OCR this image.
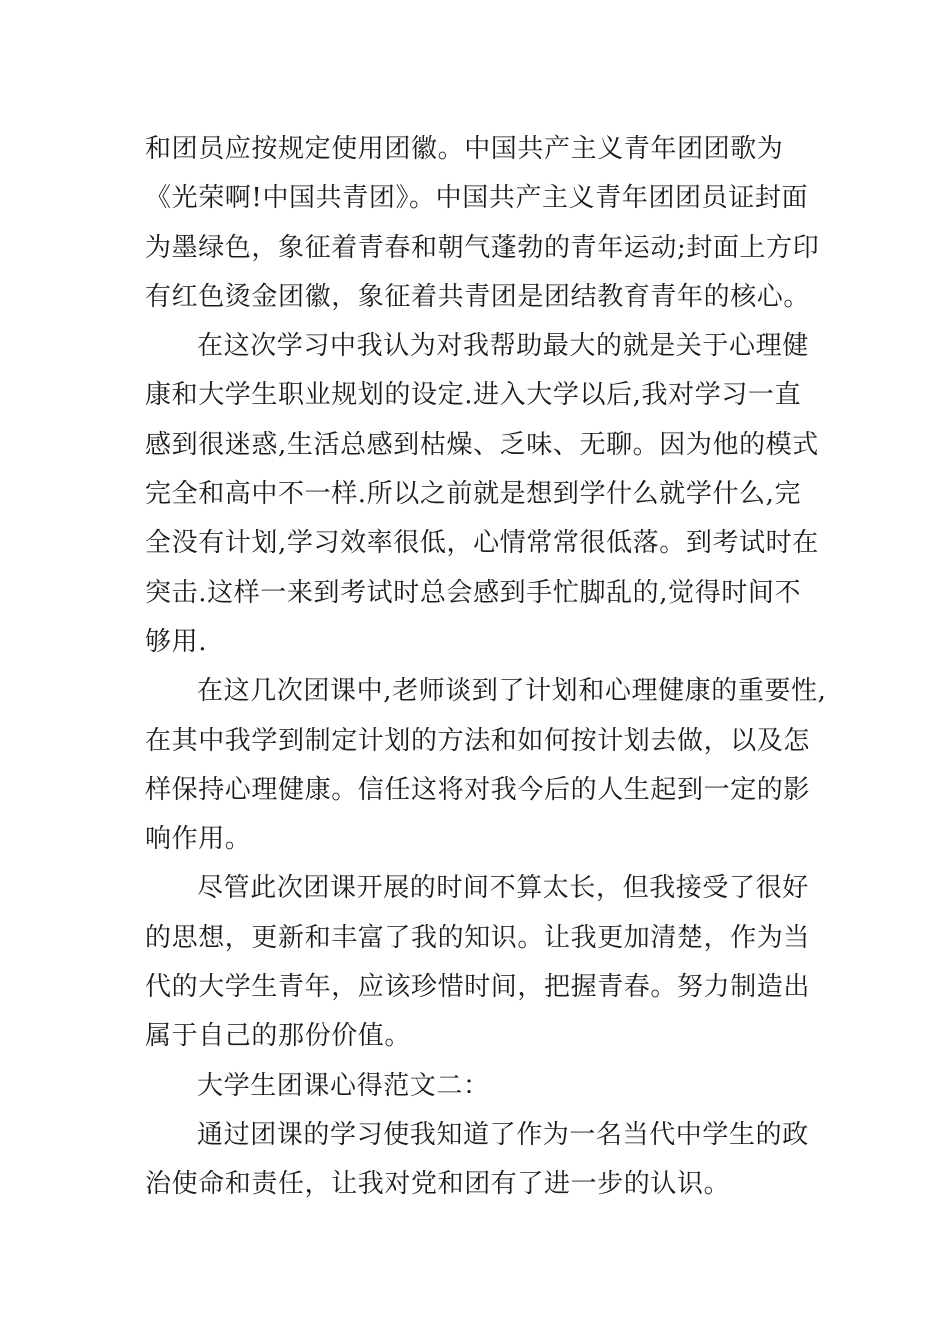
和团员应按规定使用团徽。中国共产主义青年团团歌为
《光荣啊!中国共青团》。中国共产主义青年团团员证封面
为墨绿色，象征着青春和朝气蓬勃的青年运动;封面上方印
有红色烫金团徽，象征着共青团是团结教育青年的核心。
在这次学习中我认为对我帮助最大的就是关于心理健
康和大学生职业规划的设定.进入大学以后,我对学习一直
感到很迷惑,生活总感到枯燥、乏味、无聊。因为他的模式
完全和高中不一样.所以之前就是想到学什么就学什么,完
全没有计划,学习效率很低，心情常常很低落。到考试时在
突击.这样一来到考试时总会感到手忙脚乱的,觉得时间不
够用.
在这几次团课中,老师谈到了计划和心理健康的重要性,
在其中我学到制定计划的方法和如何按计划去做，以及怎
样保持心理健康。信任这将对我今后的人生起到一定的影
响作用。
尽管此次团课开展的时间不算太长，但我接受了很好
的思想，更新和丰富了我的知识。让我更加清楚，作为当
代的大学生青年，应该珍惜时间，把握青春。努力制造出
属于自己的那份价值。
大学生团课心得范文二：
通过团课的学习使我知道了作为一名当代中学生的政
治使命和责任，让我对党和团有了进一步的认识。
